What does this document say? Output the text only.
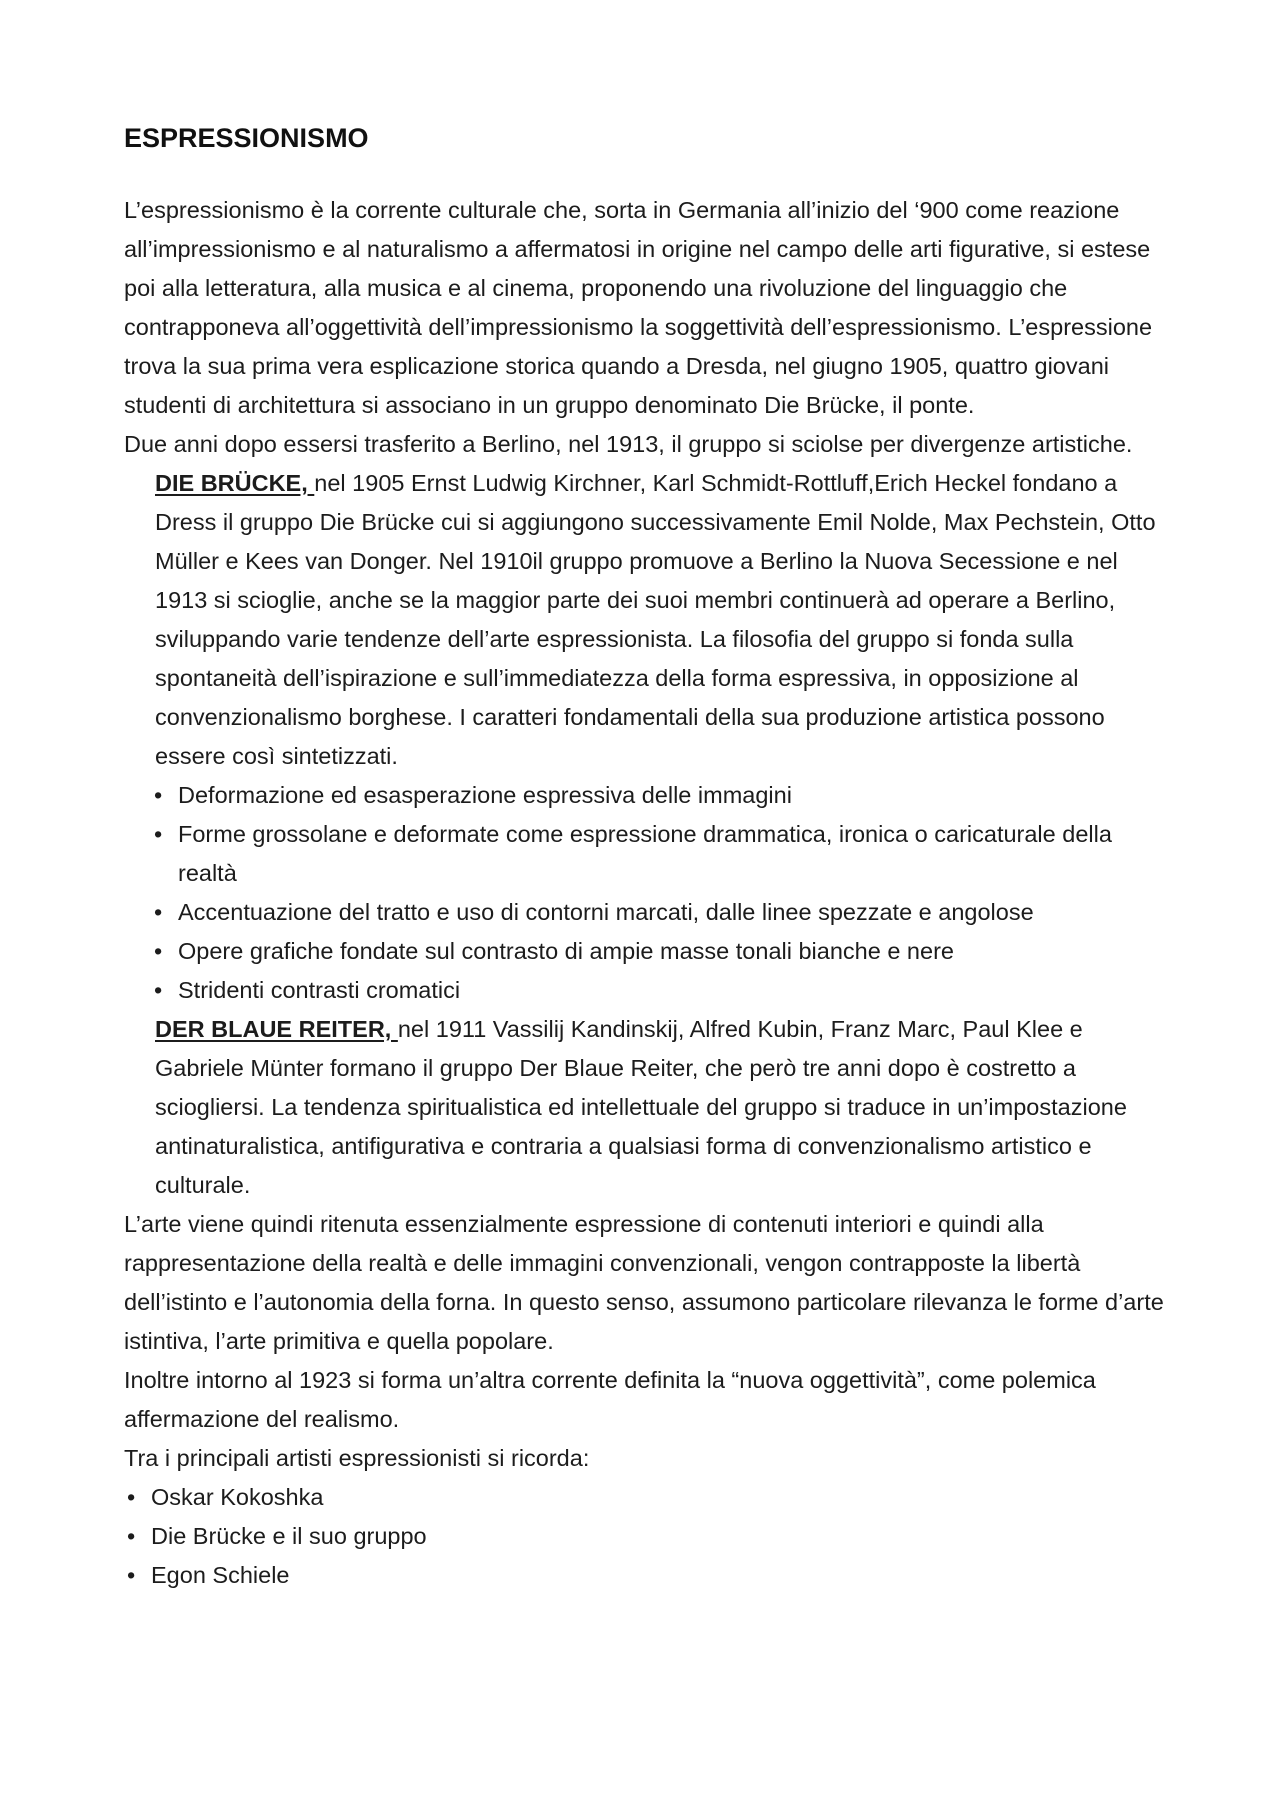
ESPRESSIONISMO

L’espressionismo è la corrente culturale che, sorta in Germania all’inizio del ‘900 come reazione all’impressionismo e al naturalismo a affermatosi in origine nel campo delle arti figurative, si estese poi alla letteratura, alla musica e al cinema, proponendo una rivoluzione del linguaggio che contrapponeva all’oggettività dell’impressionismo la soggettività dell’espressionismo. L’espressione trova la sua prima vera esplicazione storica quando a Dresda, nel giugno 1905, quattro giovani studenti di architettura si associano in un gruppo denominato Die Brücke, il ponte.

Due anni dopo essersi trasferito a Berlino, nel 1913, il gruppo si sciolse per divergenze artistiche.

DIE BRÜCKE, nel 1905 Ernst Ludwig Kirchner, Karl Schmidt-Rottluff,Erich Heckel fondano a Dress il gruppo Die Brücke cui si aggiungono successivamente Emil Nolde, Max Pechstein, Otto Müller e Kees van Donger. Nel 1910il gruppo promuove a Berlino la Nuova Secessione e nel 1913 si scioglie, anche se la maggior parte dei suoi membri continuerà ad operare a Berlino, sviluppando varie tendenze dell’arte espressionista. La filosofia del gruppo si fonda sulla spontaneità dell’ispirazione e sull’immediatezza della forma espressiva, in opposizione al convenzionalismo borghese. I caratteri fondamentali della sua produzione artistica possono essere così sintetizzati.

• Deformazione ed esasperazione espressiva delle immagini
• Forme grossolane e deformate come espressione drammatica, ironica o caricaturale della realtà
• Accentuazione del tratto e uso di contorni marcati, dalle linee spezzate e angolose
• Opere grafiche fondate sul contrasto di ampie masse tonali bianche e nere
• Stridenti contrasti cromatici

DER BLAUE REITER, nel 1911 Vassilij Kandinskij, Alfred Kubin, Franz Marc, Paul Klee e Gabriele Münter formano il gruppo Der Blaue Reiter, che però tre anni dopo è costretto a sciogliersi. La tendenza spiritualistica ed intellettuale del gruppo si traduce in un’impostazione antinaturalistica, antifigurativa e contraria a qualsiasi forma di convenzionalismo artistico e culturale.

L’arte viene quindi ritenuta essenzialmente espressione di contenuti interiori e quindi alla rappresentazione della realtà e delle immagini convenzionali, vengon contrapposte la libertà dell’istinto e l’autonomia della forna. In questo senso, assumono particolare rilevanza le forme d’arte istintiva, l’arte primitiva e quella popolare.

Inoltre intorno al 1923 si forma un’altra corrente definita la “nuova oggettività”, come polemica affermazione del realismo.

Tra i principali artisti espressionisti si ricorda:

• Oskar Kokoshka
• Die Brücke e il suo gruppo
• Egon Schiele
